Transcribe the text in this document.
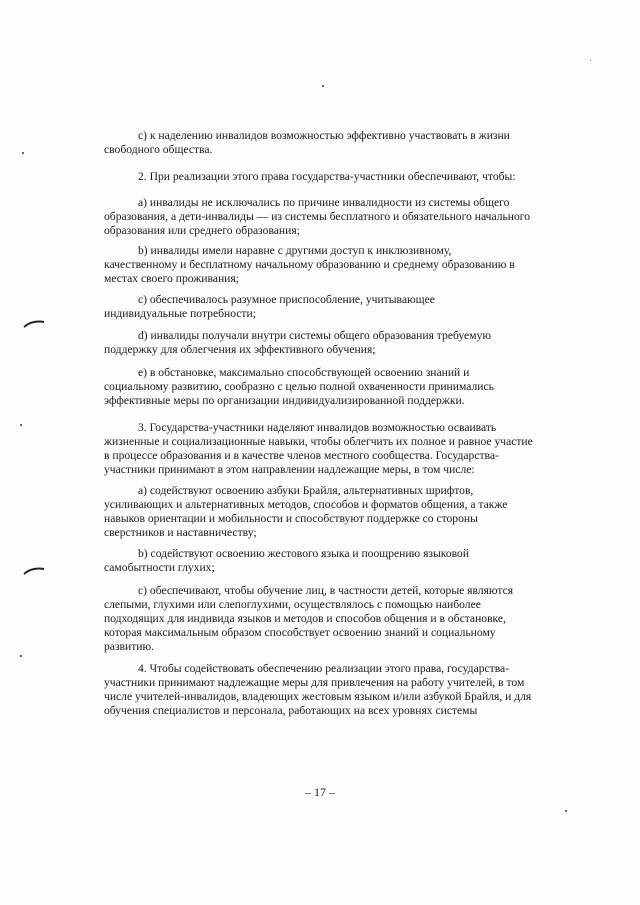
c) к наделению инвалидов возможностью эффективно участвовать в жизни
свободного общества.
2. При реализации этого права государства-участники обеспечивают, чтобы:
a) инвалиды не исключались по причине инвалидности из системы общего
образования, а дети-инвалиды — из системы бесплатного и обязательного начального
образования или среднего образования;
b) инвалиды имели наравне с другими доступ к инклюзивному,
качественному и бесплатному начальному образованию и среднему образованию в
местах своего проживания;
c) обеспечивалось разумное приспособление, учитывающее
индивидуальные потребности;
d) инвалиды получали внутри системы общего образования требуемую
поддержку для облегчения их эффективного обучения;
e) в обстановке, максимально способствующей освоению знаний и
социальному развитию, сообразно с целью полной охваченности принимались
эффективные меры по организации индивидуализированной поддержки.
3. Государства-участники наделяют инвалидов возможностью осваивать
жизненные и социализационные навыки, чтобы облегчить их полное и равное участие
в процессе образования и в качестве членов местного сообщества. Государства-
участники принимают в этом направлении надлежащие меры, в том числе:
a) содействуют освоению азбуки Брайля, альтернативных шрифтов,
усиливающих и альтернативных методов, способов и форматов общения, а также
навыков ориентации и мобильности и способствуют поддержке со стороны
сверстников и наставничеству;
b) содействуют освоению жестового языка и поощрению языковой
самобытности глухих;
c) обеспечивают, чтобы обучение лиц, в частности детей, которые являются
слепыми, глухими или слепоглухими, осуществлялось с помощью наиболее
подходящих для индивида языков и методов и способов общения и в обстановке,
которая максимальным образом способствует освоению знаний и социальному
развитию.
4. Чтобы содействовать обеспечению реализации этого права, государства-
участники принимают надлежащие меры для привлечения на работу учителей, в том
числе учителей-инвалидов, владеющих жестовым языком и/или азбукой Брайля, и для
обучения специалистов и персонала, работающих на всех уровнях системы
– 17 –
